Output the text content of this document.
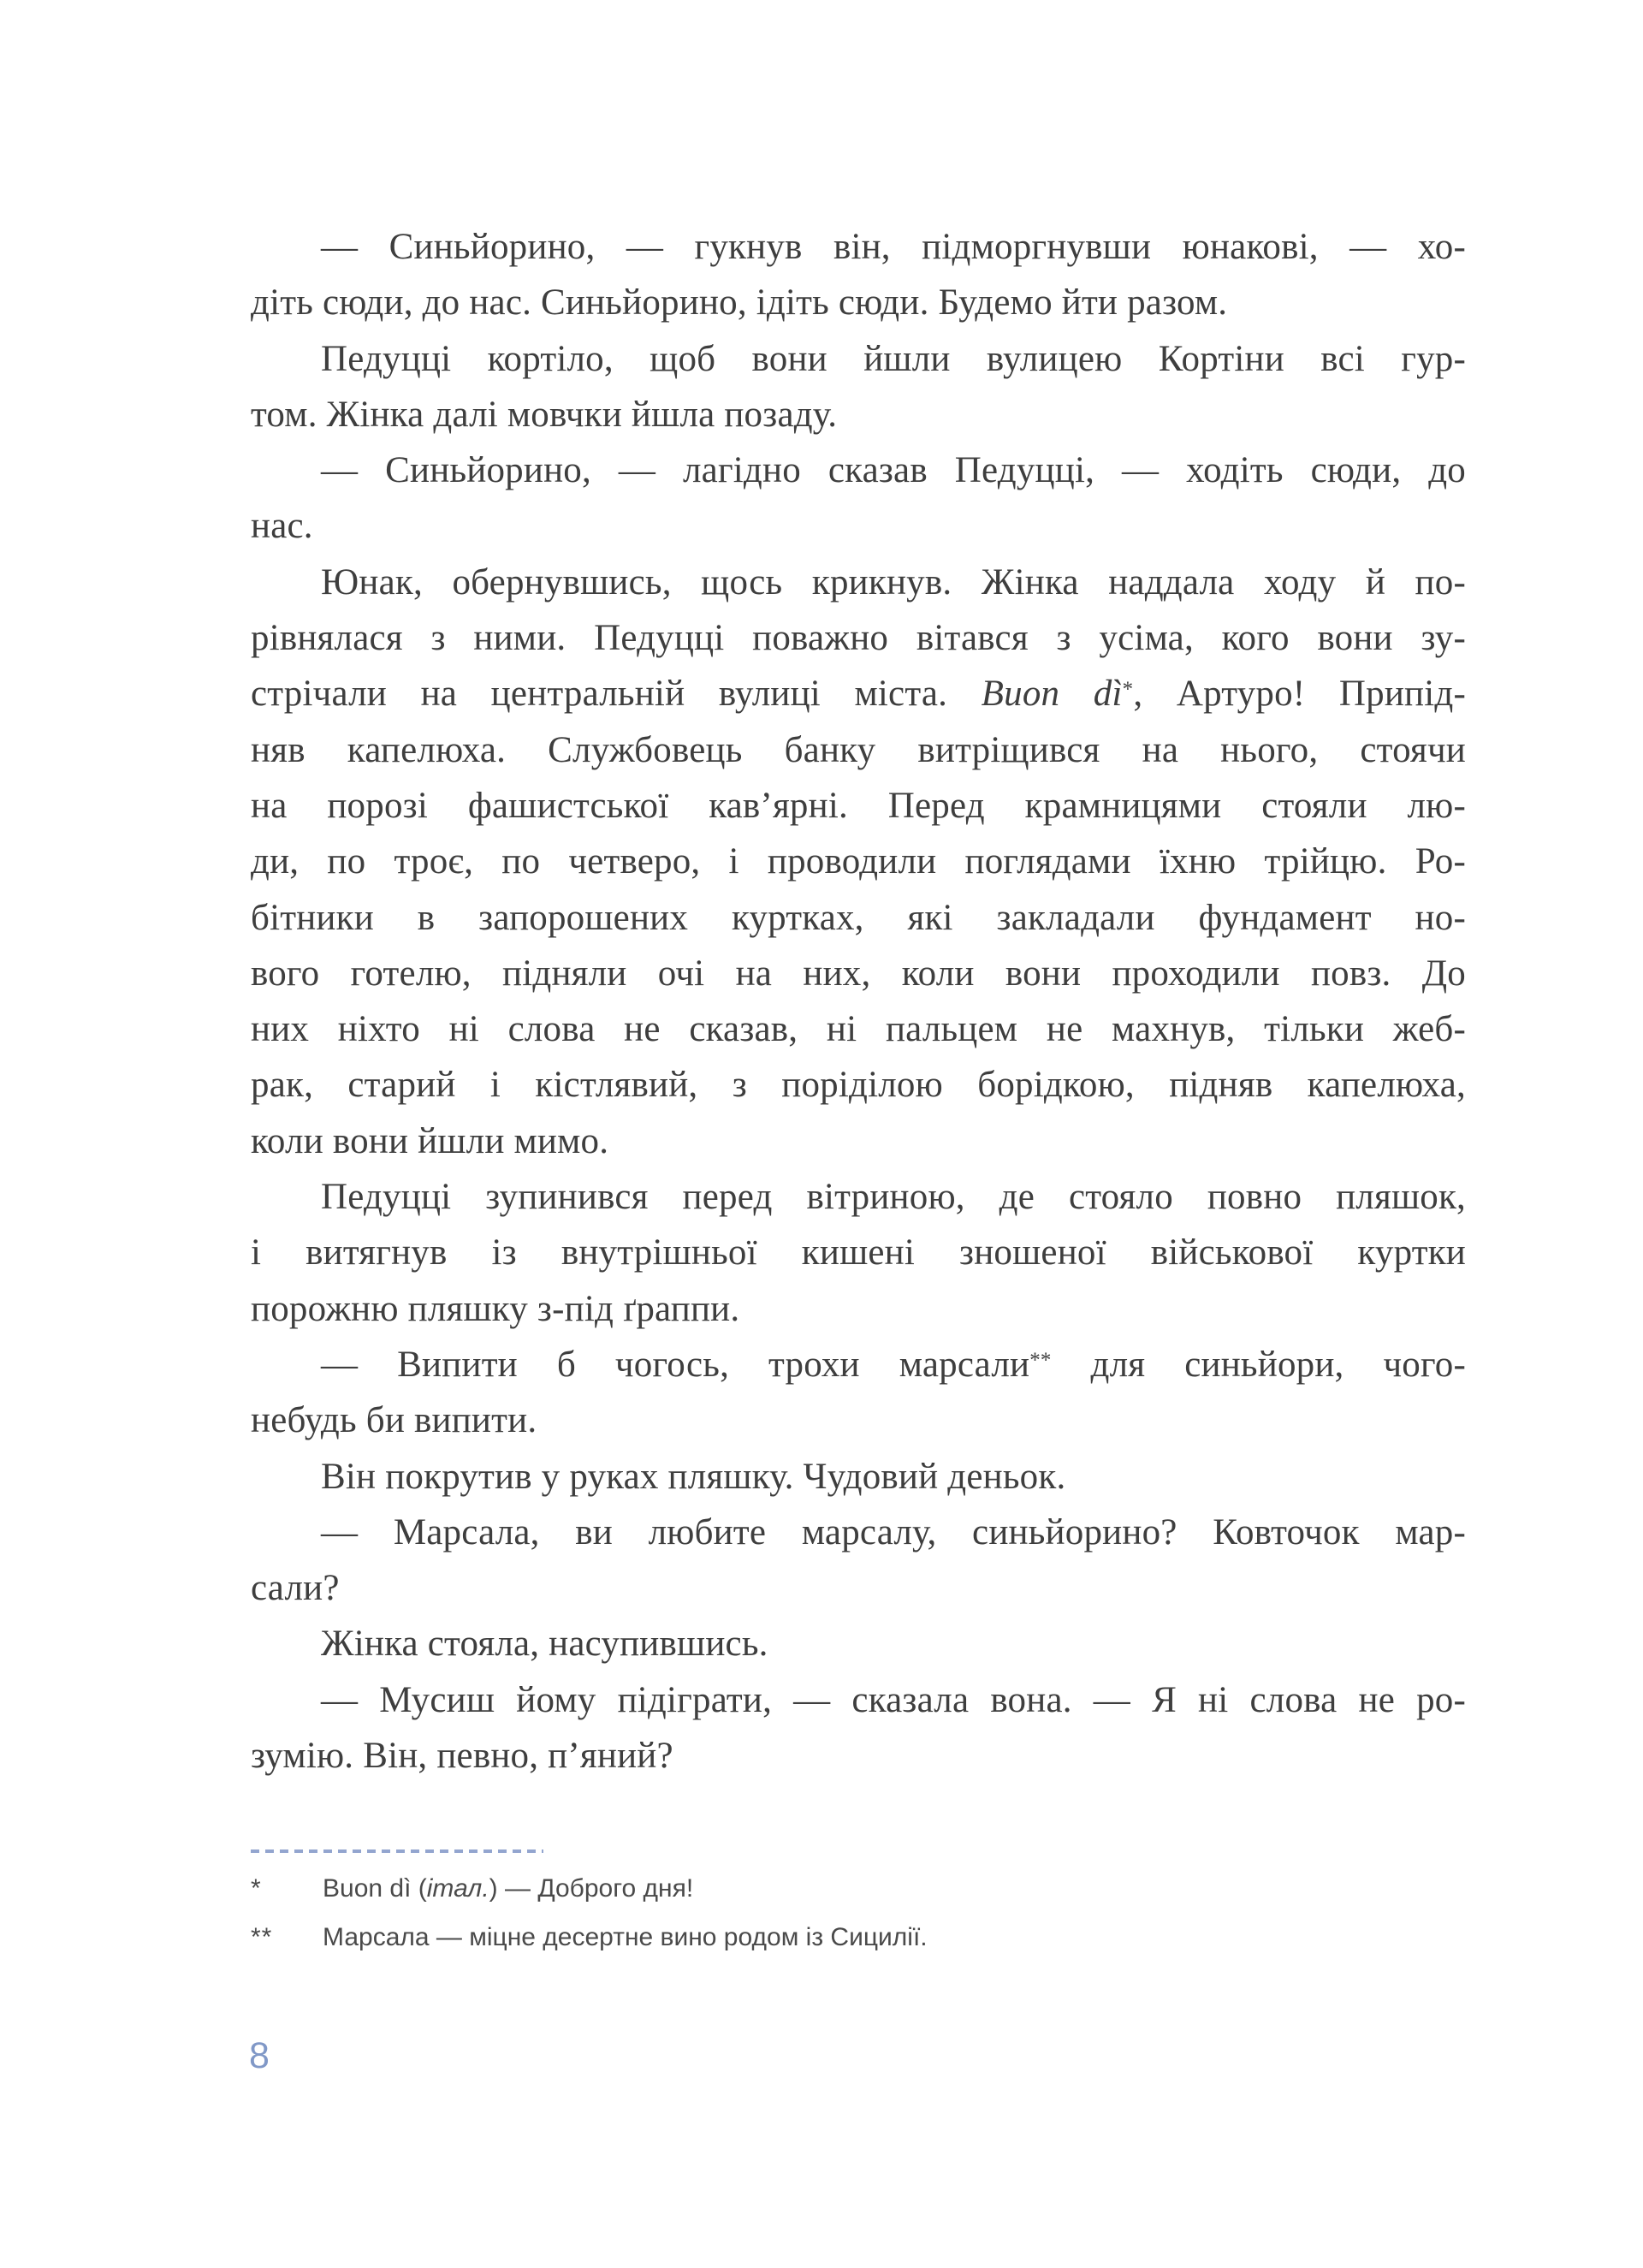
— Синьйорино, — гукнув він, підморгнувши юнакові, — хо-
діть сюди, до нас. Синьйорино, ідіть сюди. Будемо йти разом.
Педуцці кортіло, щоб вони йшли вулицею Кортіни всі гур-
том. Жінка далі мовчки йшла позаду.
— Синьйорино, — лагідно сказав Педуцці, — ходіть сюди, до
нас.
Юнак, обернувшись, щось крикнув. Жінка наддала ходу й по-
рівнялася з ними. Педуцці поважно вітався з усіма, кого вони зу-
стрічали на центральній вулиці міста. Buon dì*, Артуро! Припід-
няв капелюха. Службовець банку витріщився на нього, стоячи
на порозі фашистської кав’ярні. Перед крамницями стояли лю-
ди, по троє, по четверо, і проводили поглядами їхню трійцю. Ро-
бітники в запорошених куртках, які закладали фундамент но-
вого готелю, підняли очі на них, коли вони проходили повз. До
них ніхто ні слова не сказав, ні пальцем не махнув, тільки жеб-
рак, старий і кістлявий, з поріділою борідкою, підняв капелюха,
коли вони йшли мимо.
Педуцці зупинився перед вітриною, де стояло повно пляшок,
і витягнув із внутрішньої кишені зношеної військової куртки
порожню пляшку з-під ґраппи.
— Випити б чогось, трохи марсали** для синьйори, чого-
небудь би випити.
Він покрутив у руках пляшку. Чудовий деньок.
— Марсала, ви любите марсалу, синьйорино? Ковточок мар-
сали?
Жінка стояла, насупившись.
— Мусиш йому підіграти, — сказала вона. — Я ні слова не ро-
зумію. Він, певно, п’яний?
*	Buon dì (італ.) — Доброго дня!
**	Марсала — міцне десертне вино родом із Сицилії.
8
